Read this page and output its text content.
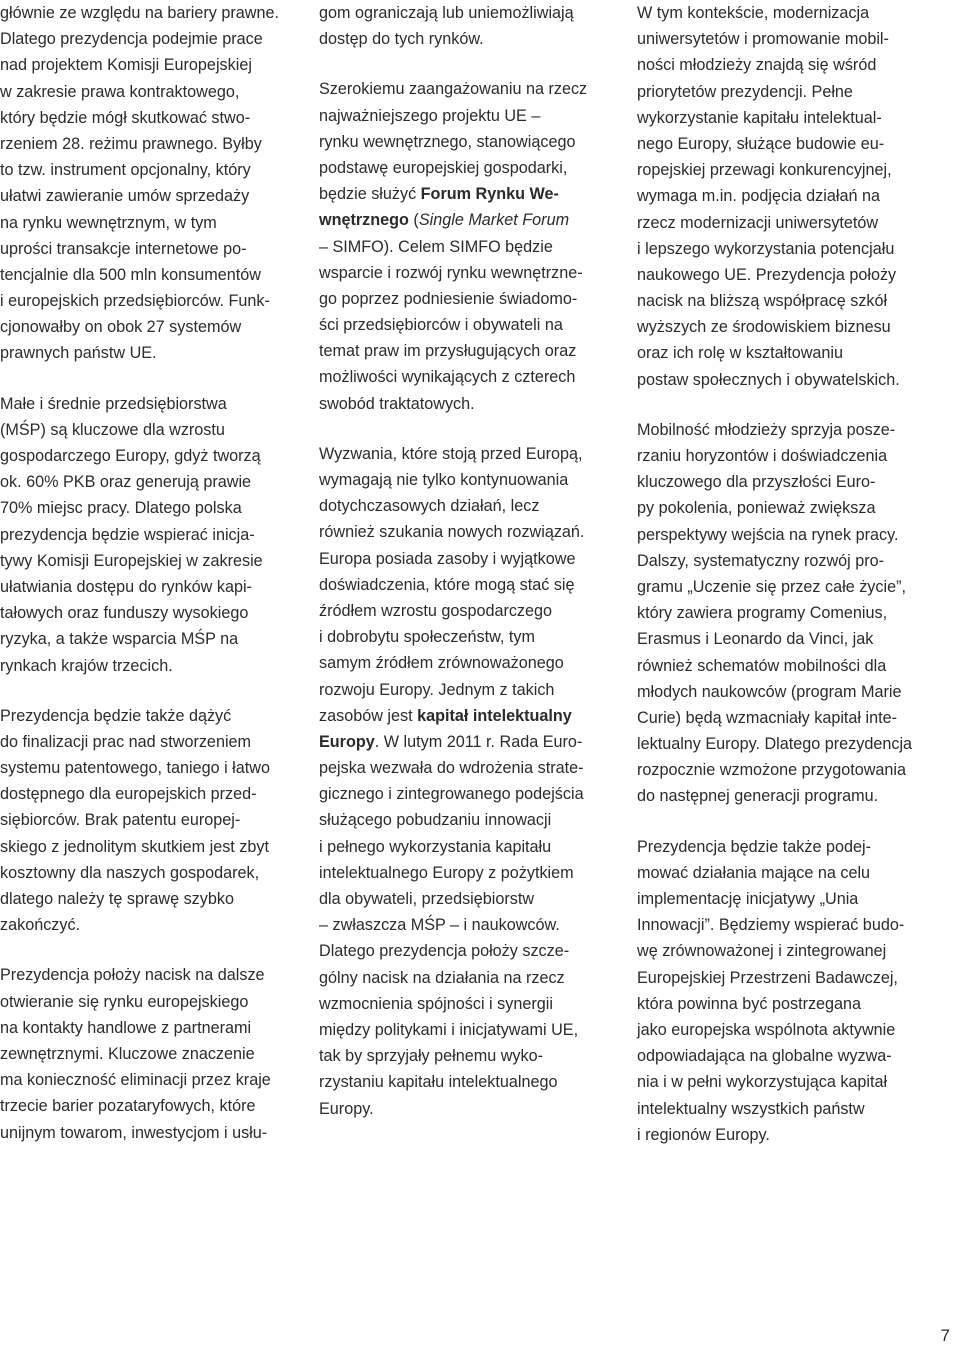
głównie ze względu na bariery prawne.
Dlatego prezydencja podejmie prace
nad projektem Komisji Europejskiej
w zakresie prawa kontraktowego,
który będzie mógł skutkować stwo-
rzeniem 28. reżimu prawnego. Byłby
to tzw. instrument opcjonalny, który
ułatwi zawieranie umów sprzedaży
na rynku wewnętrznym, w tym
uprości transakcje internetowe po-
tencjalnie dla 500 mln konsumentów
i europejskich przedsiębiorców. Funk-
cjonowałby on obok 27 systemów
prawnych państw UE.
Małe i średnie przedsiębiorstwa
(MŚP) są kluczowe dla wzrostu
gospodarczego Europy, gdyż tworzą
ok. 60% PKB oraz generują prawie
70% miejsc pracy. Dlatego polska
prezydencja będzie wspierać inicja-
tywy Komisji Europejskiej w zakresie
ułatwiania dostępu do rynków kapi-
tałowych oraz funduszy wysokiego
ryzyka, a także wsparcia MŚP na
rynkach krajów trzecich.
Prezydencja będzie także dążyć
do finalizacji prac nad stworzeniem
systemu patentowego, taniego i łatwo
dostępnego dla europejskich przed-
siębiorców. Brak patentu europej-
skiego z jednolitym skutkiem jest zbyt
kosztowny dla naszych gospodarek,
dlatego należy tę sprawę szybko
zakończyć.
Prezydencja położy nacisk na dalsze
otwieranie się rynku europejskiego
na kontakty handlowe z partnerami
zewnętrznymi. Kluczowe znaczenie
ma konieczność eliminacji przez kraje
trzecie barier pozataryfowych, które
unijnym towarom, inwestycjom i usłu-
gom ograniczają lub uniemożliwiają
dostęp do tych rynków.
Szerokiemu zaangażowaniu na rzecz
najważniejszego projektu UE –
rynku wewnętrznego, stanowiącego
podstawę europejskiej gospodarki,
będzie służyć Forum Rynku We-
wnętrznego (Single Market Forum
– SIMFO). Celem SIMFO będzie
wsparcie i rozwój rynku wewnętrzne-
go poprzez podniesienie świadomo-
ści przedsiębiorców i obywateli na
temat praw im przysługujących oraz
możliwości wynikających z czterech
swobód traktatowych.
Wyzwania, które stoją przed Europą,
wymagają nie tylko kontynuowania
dotychczasowych działań, lecz
również szukania nowych rozwiązań.
Europa posiada zasoby i wyjątkowe
doświadczenia, które mogą stać się
źródłem wzrostu gospodarczego
i dobrobytu społeczeństw, tym
samym źródłem zrównoważonego
rozwoju Europy. Jednym z takich
zasobów jest kapitał intelektualny
Europy. W lutym 2011 r. Rada Euro-
pejska wezwała do wdrożenia strate-
gicznego i zintegrowanego podejścia
służącego pobudzaniu innowacji
i pełnego wykorzystania kapitału
intelektualnego Europy z pożytkiem
dla obywateli, przedsiębiorstw
– zwłaszcza MŚP – i naukowców.
Dlatego prezydencja położy szcze-
gólny nacisk na działania na rzecz
wzmocnienia spójności i synergii
między politykami i inicjatywami UE,
tak by sprzyjały pełnemu wyko-
rzystaniu kapitału intelektualnego
Europy.
W tym kontekście, modernizacja
uniwersytetów i promowanie mobil-
ności młodzieży znajdą się wśród
priorytetów prezydencji. Pełne
wykorzystanie kapitału intelektual-
nego Europy, służące budowie eu-
ropejskiej przewagi konkurencyjnej,
wymaga m.in. podjęcia działań na
rzecz modernizacji uniwersytetów
i lepszego wykorzystania potencjału
naukowego UE. Prezydencja położy
nacisk na bliższą współpracę szkół
wyższych ze środowiskiem biznesu
oraz ich rolę w kształtowaniu
postaw społecznych i obywatelskich.
Mobilność młodzieży sprzyja posze-
rzaniu horyzontów i doświadczenia
kluczowego dla przyszłości Euro-
py pokolenia, ponieważ zwiększa
perspektywy wejścia na rynek pracy.
Dalszy, systematyczny rozwój pro-
gramu „Uczenie się przez całe życie”,
który zawiera programy Comenius,
Erasmus i Leonardo da Vinci, jak
również schematów mobilności dla
młodych naukowców (program Marie
Curie) będą wzmacniały kapitał inte-
lektualny Europy. Dlatego prezydencja
rozpocznie wzmożone przygotowania
do następnej generacji programu.
Prezydencja będzie także podej-
mować działania mające na celu
implementację inicjatywy „Unia
Innowacji”. Będziemy wspierać budo-
wę zrównoważonej i zintegrowanej
Europejskiej Przestrzeni Badawczej,
która powinna być postrzegana
jako europejska wspólnota aktywnie
odpowiadająca na globalne wyzwa-
nia i w pełni wykorzystująca kapitał
intelektualny wszystkich państw
i regionów Europy.
7
